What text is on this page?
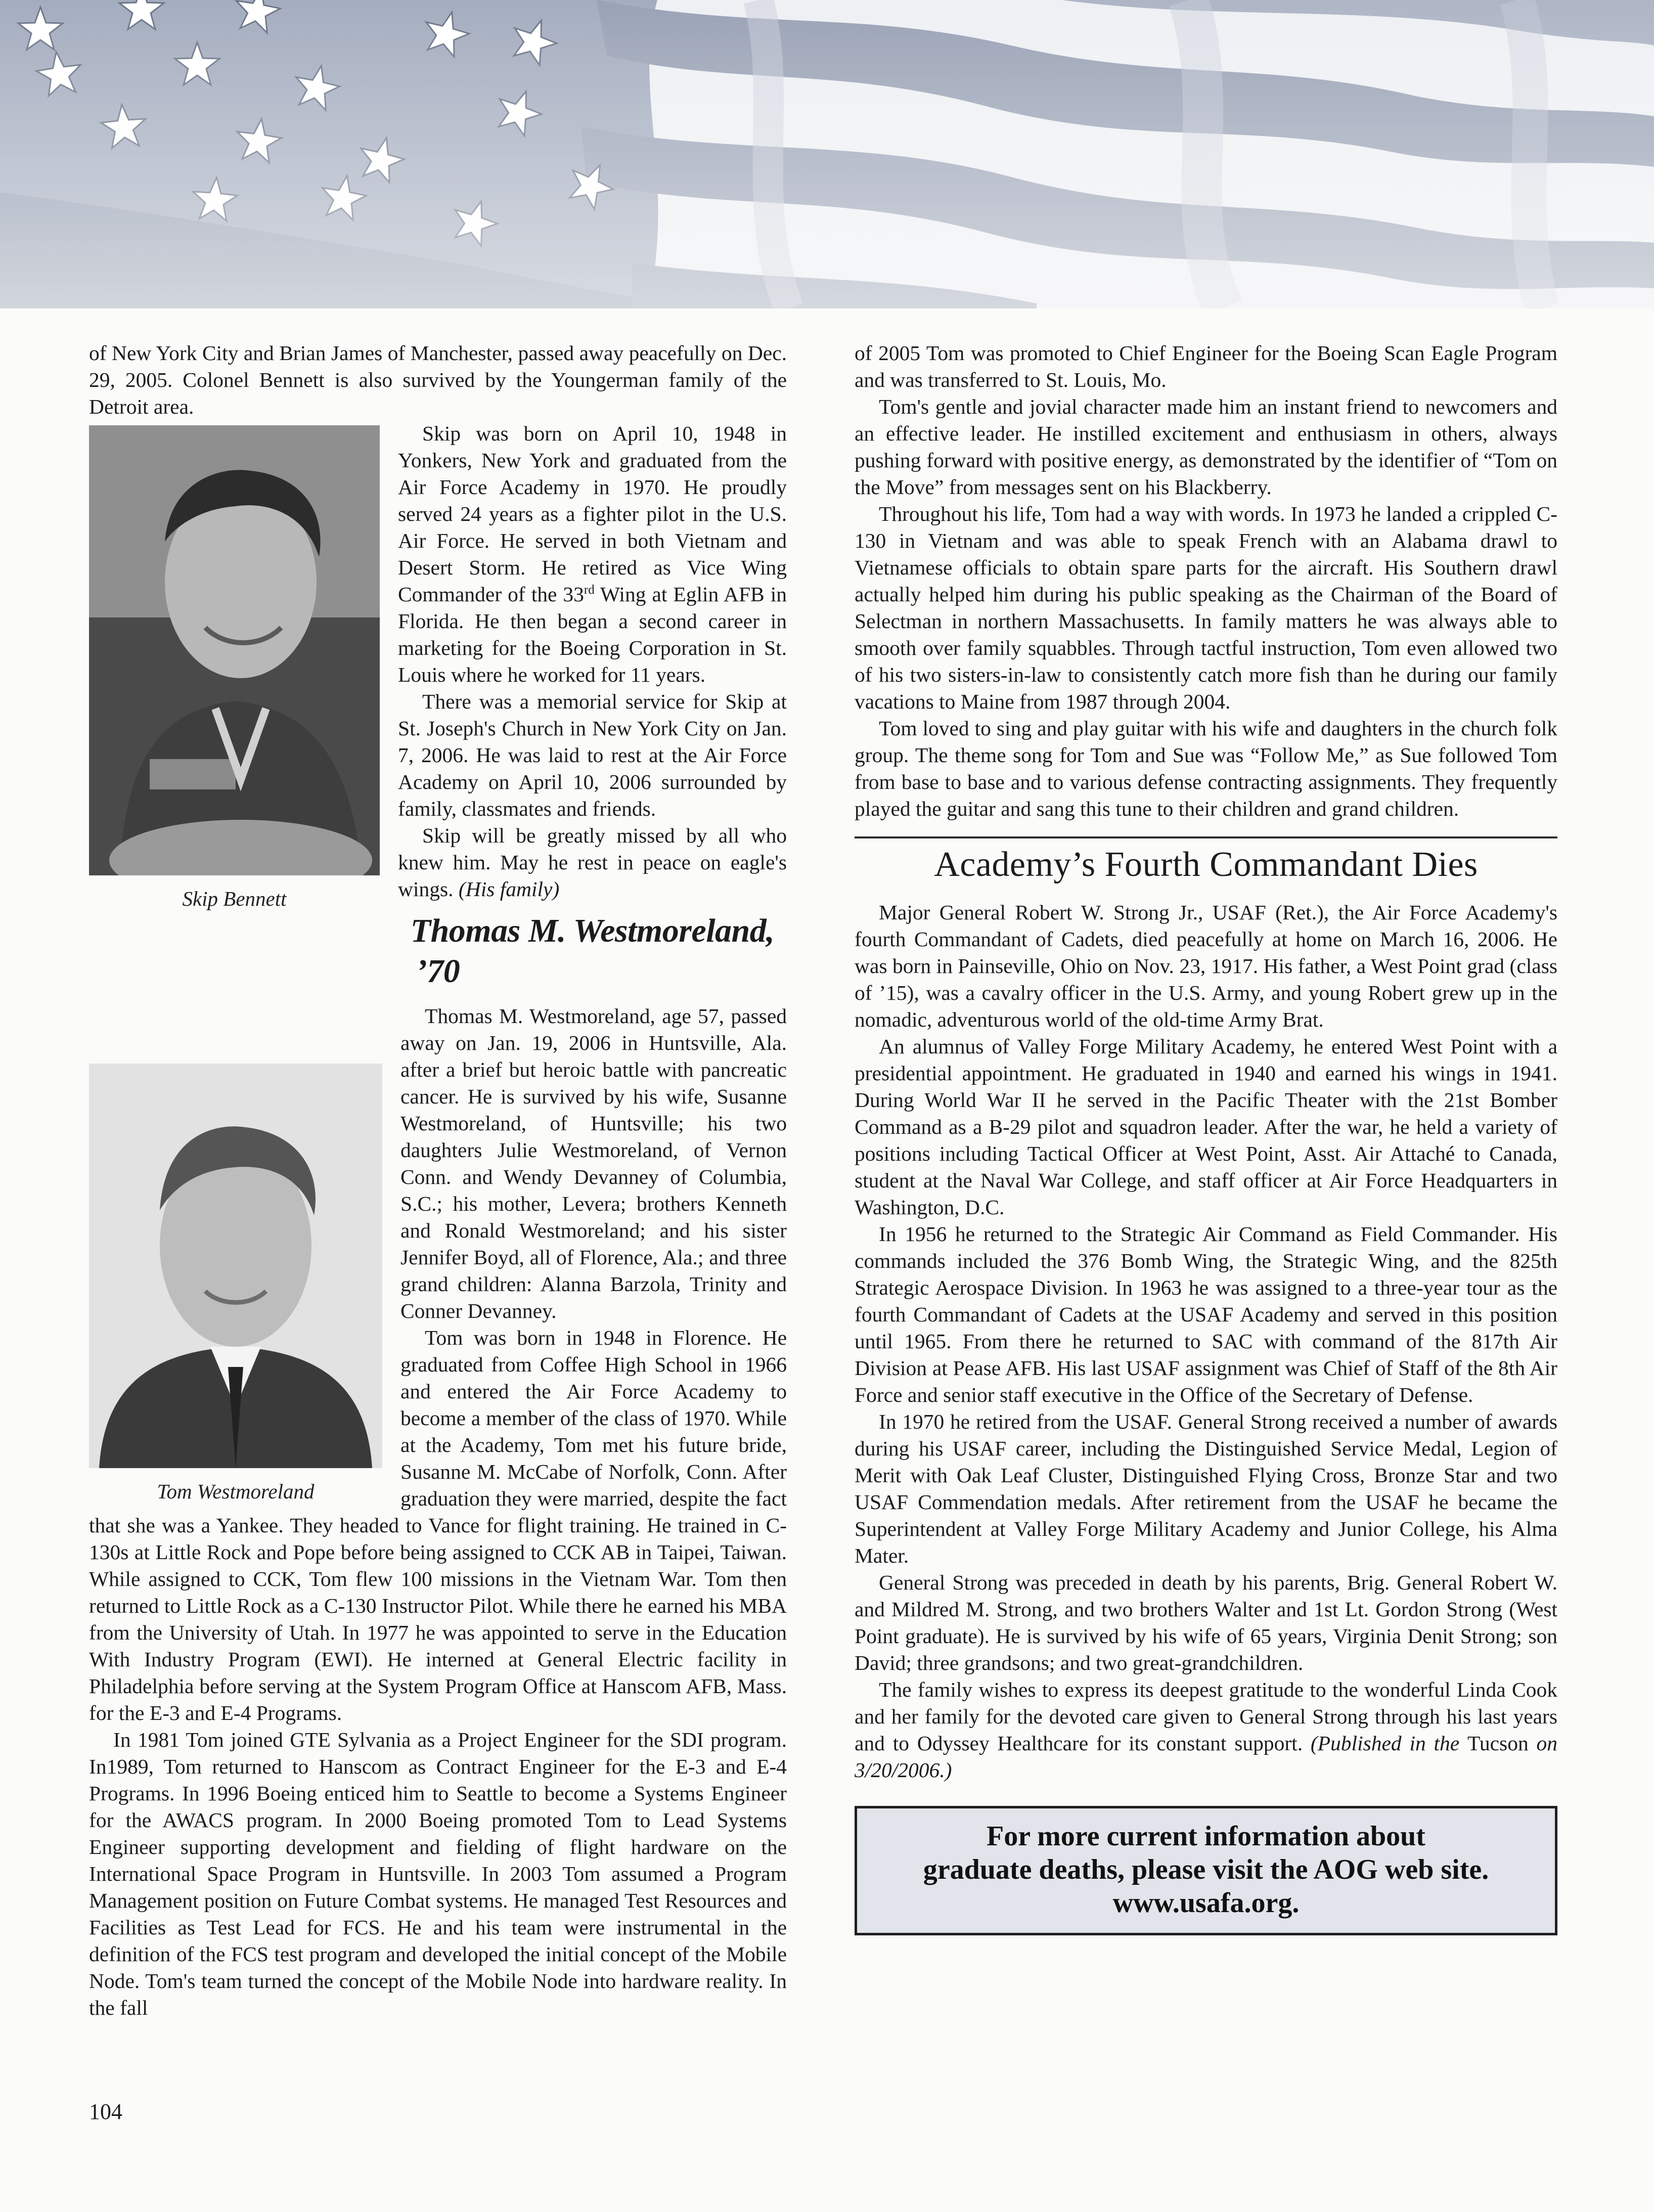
of New York City and Brian James of Manchester, passed away peacefully on Dec. 29, 2005. Colonel Bennett is also survived by the Youngerman family of the Detroit area.

Skip Bennett

Skip was born on April 10, 1948 in Yonkers, New York and graduated from the Air Force Academy in 1970. He proudly served 24 years as a fighter pilot in the U.S. Air Force. He served in both Vietnam and Desert Storm. He retired as Vice Wing Commander of the 33rd Wing at Eglin AFB in Florida. He then began a second career in marketing for the Boeing Corporation in St. Louis where he worked for 11 years.

There was a memorial service for Skip at St. Joseph's Church in New York City on Jan. 7, 2006. He was laid to rest at the Air Force Academy on April 10, 2006 surrounded by family, classmates and friends.

Skip will be greatly missed by all who knew him. May he rest in peace on eagle's wings. (His family)

Thomas M. Westmoreland, ’70
Tom Westmoreland

Thomas M. Westmoreland, age 57, passed away on Jan. 19, 2006 in Huntsville, Ala. after a brief but heroic battle with pancreatic cancer. He is survived by his wife, Susanne Westmoreland, of Huntsville; his two daughters Julie Westmoreland, of Vernon Conn. and Wendy Devanney of Columbia, S.C.; his mother, Levera; brothers Kenneth and Ronald Westmoreland; and his sister Jennifer Boyd, all of Florence, Ala.; and three grand children: Alanna Barzola, Trinity and Conner Devanney.

Tom was born in 1948 in Florence. He graduated from Coffee High School in 1966 and entered the Air Force Academy to become a member of the class of 1970. While at the Academy, Tom met his future bride, Susanne M. McCabe of Norfolk, Conn. After graduation they were married, despite the fact that she was a Yankee. They headed to Vance for flight training. He trained in C-130s at Little Rock and Pope before being assigned to CCK AB in Taipei, Taiwan. While assigned to CCK, Tom flew 100 missions in the Vietnam War. Tom then returned to Little Rock as a C-130 Instructor Pilot. While there he earned his MBA from the University of Utah. In 1977 he was appointed to serve in the Education With Industry Program (EWI). He interned at General Electric facility in Philadelphia before serving at the System Program Office at Hanscom AFB, Mass. for the E-3 and E-4 Programs.

In 1981 Tom joined GTE Sylvania as a Project Engineer for the SDI program. In1989, Tom returned to Hanscom as Contract Engineer for the E-3 and E-4 Programs. In 1996 Boeing enticed him to Seattle to become a Systems Engineer for the AWACS program. In 2000 Boeing promoted Tom to Lead Systems Engineer supporting development and fielding of flight hardware on the International Space Program in Huntsville. In 2003 Tom assumed a Program Management position on Future Combat systems. He managed Test Resources and Facilities as Test Lead for FCS. He and his team were instrumental in the definition of the FCS test program and developed the initial concept of the Mobile Node. Tom's team turned the concept of the Mobile Node into hardware reality. In the fall

of 2005 Tom was promoted to Chief Engineer for the Boeing Scan Eagle Program and was transferred to St. Louis, Mo.

Tom's gentle and jovial character made him an instant friend to newcomers and an effective leader. He instilled excitement and enthusiasm in others, always pushing forward with positive energy, as demonstrated by the identifier of “Tom on the Move” from messages sent on his Blackberry.

Throughout his life, Tom had a way with words. In 1973 he landed a crippled C-130 in Vietnam and was able to speak French with an Alabama drawl to Vietnamese officials to obtain spare parts for the aircraft. His Southern drawl actually helped him during his public speaking as the Chairman of the Board of Selectman in northern Massachusetts. In family matters he was always able to smooth over family squabbles. Through tactful instruction, Tom even allowed two of his two sisters-in-law to consistently catch more fish than he during our family vacations to Maine from 1987 through 2004.

Tom loved to sing and play guitar with his wife and daughters in the church folk group. The theme song for Tom and Sue was “Follow Me,” as Sue followed Tom from base to base and to various defense contracting assignments. They frequently played the guitar and sang this tune to their children and grand children.

Academy’s Fourth Commandant Dies

Major General Robert W. Strong Jr., USAF (Ret.), the Air Force Academy's fourth Commandant of Cadets, died peacefully at home on March 16, 2006. He was born in Painseville, Ohio on Nov. 23, 1917. His father, a West Point grad (class of ’15), was a cavalry officer in the U.S. Army, and young Robert grew up in the nomadic, adventurous world of the old-time Army Brat.

An alumnus of Valley Forge Military Academy, he entered West Point with a presidential appointment. He graduated in 1940 and earned his wings in 1941. During World War II he served in the Pacific Theater with the 21st Bomber Command as a B-29 pilot and squadron leader. After the war, he held a variety of positions including Tactical Officer at West Point, Asst. Air Attaché to Canada, student at the Naval War College, and staff officer at Air Force Headquarters in Washington, D.C.

In 1956 he returned to the Strategic Air Command as Field Commander. His commands included the 376 Bomb Wing, the Strategic Wing, and the 825th Strategic Aerospace Division. In 1963 he was assigned to a three-year tour as the fourth Commandant of Cadets at the USAF Academy and served in this position until 1965. From there he returned to SAC with command of the 817th Air Division at Pease AFB. His last USAF assignment was Chief of Staff of the 8th Air Force and senior staff executive in the Office of the Secretary of Defense.

In 1970 he retired from the USAF. General Strong received a number of awards during his USAF career, including the Distinguished Service Medal, Legion of Merit with Oak Leaf Cluster, Distinguished Flying Cross, Bronze Star and two USAF Commendation medals. After retirement from the USAF he became the Superintendent at Valley Forge Military Academy and Junior College, his Alma Mater.

General Strong was preceded in death by his parents, Brig. General Robert W. and Mildred M. Strong, and two brothers Walter and 1st Lt. Gordon Strong (West Point graduate). He is survived by his wife of 65 years, Virginia Denit Strong; son David; three grandsons; and two great-grandchildren.

The family wishes to express its deepest gratitude to the wonderful Linda Cook and her family for the devoted care given to General Strong through his last years and to Odyssey Healthcare for its constant support. (Published in the Tucson on 3/20/2006.)

For more current information about
graduate deaths, please visit the AOG web site.
www.usafa.org.
104
